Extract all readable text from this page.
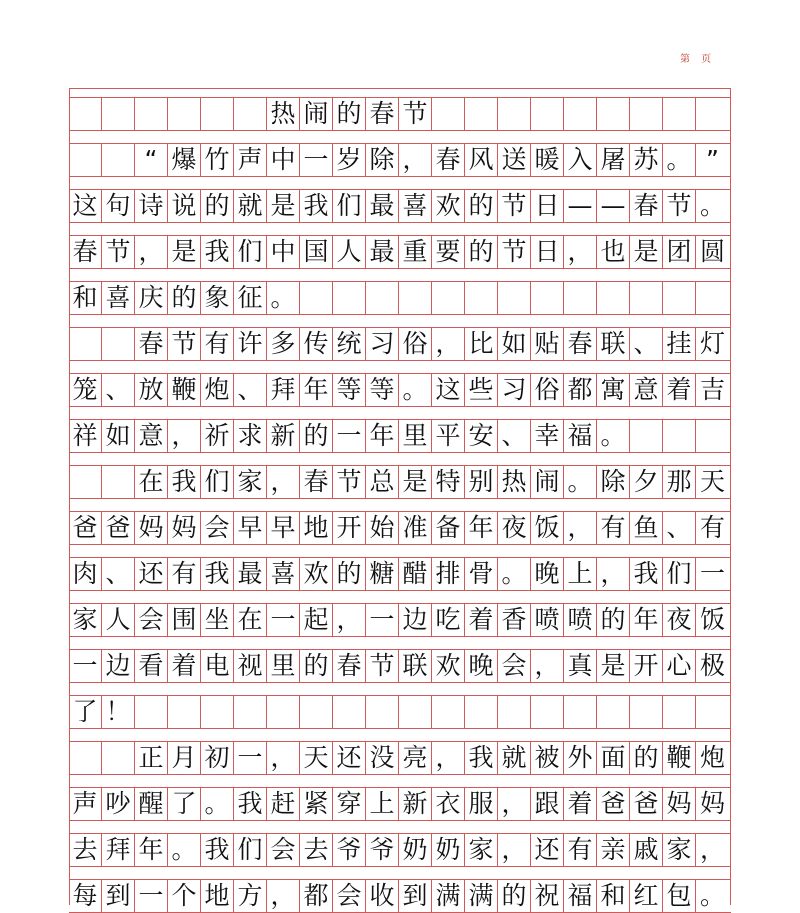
第 页
热 闹 的 春 节
“ 爆 竹 声 中 一 岁 除 ， 春 风 送 暖 入 屠 苏 。 ”
这 句 诗 说 的 就 是 我 们 最 喜 欢 的 节 日 — — 春 节 。
春 节 ， 是 我 们 中 国 人 最 重 要 的 节 日 ， 也 是 团 圆
和 喜 庆 的 象 征 。
春 节 有 许 多 传 统 习 俗 ， 比 如 贴 春 联 、 挂 灯
笼 、 放 鞭 炮 、 拜 年 等 等 。 这 些 习 俗 都 寓 意 着 吉
祥 如 意 ， 祈 求 新 的 一 年 里 平 安 、 幸 福 。
在 我 们 家 ， 春 节 总 是 特 别 热 闹 。 除 夕 那 天
爸 爸 妈 妈 会 早 早 地 开 始 准 备 年 夜 饭 ， 有 鱼 、 有
肉 、 还 有 我 最 喜 欢 的 糖 醋 排 骨 。 晚 上 ， 我 们 一
家 人 会 围 坐 在 一 起 ， 一 边 吃 着 香 喷 喷 的 年 夜 饭
一 边 看 着 电 视 里 的 春 节 联 欢 晚 会 ， 真 是 开 心 极
了 ！
正 月 初 一 ， 天 还 没 亮 ， 我 就 被 外 面 的 鞭 炮
声 吵 醒 了 。 我 赶 紧 穿 上 新 衣 服 ， 跟 着 爸 爸 妈 妈
去 拜 年 。 我 们 会 去 爷 爷 奶 奶 家 ， 还 有 亲 戚 家 ，
每 到 一 个 地 方 ， 都 会 收 到 满 满 的 祝 福 和 红 包 。
